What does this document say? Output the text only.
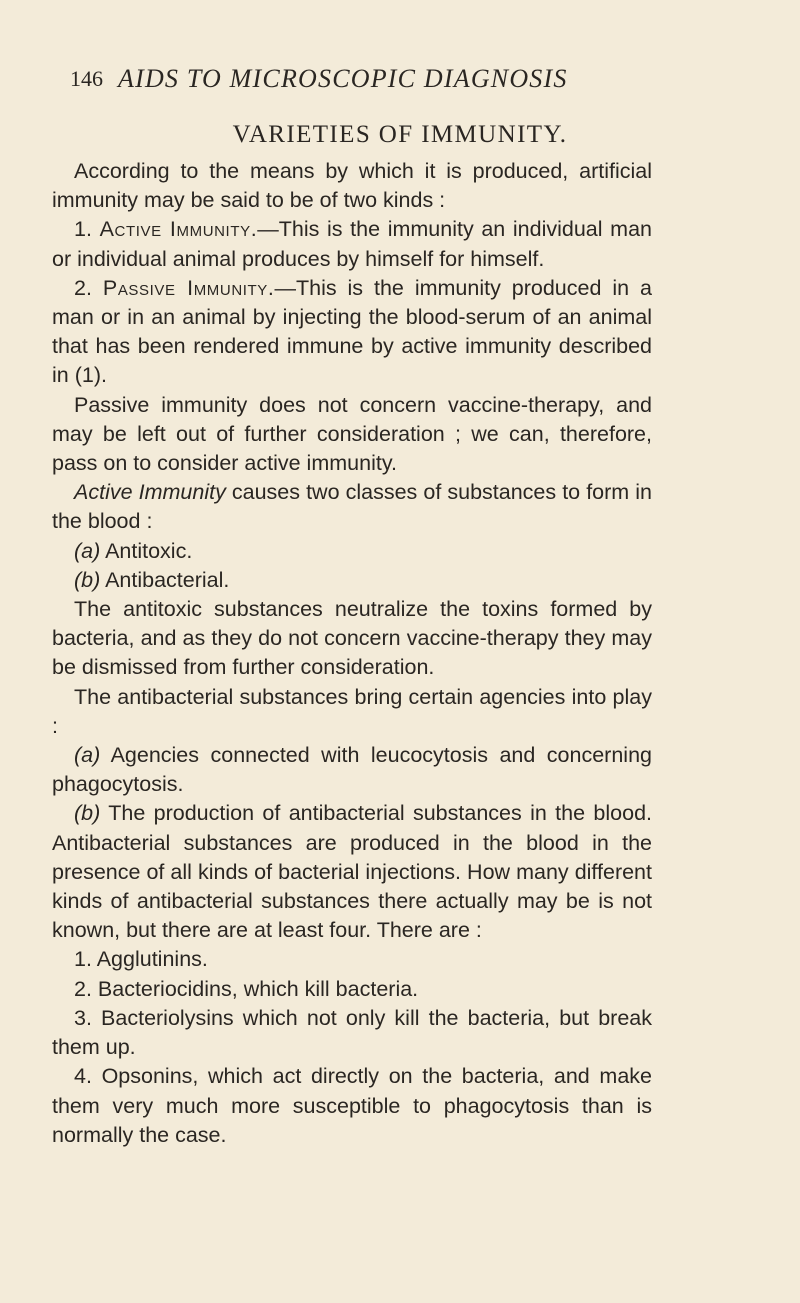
146 AIDS TO MICROSCOPIC DIAGNOSIS
VARIETIES OF IMMUNITY.

According to the means by which it is produced, artificial immunity may be said to be of two kinds :

1. Active Immunity.—This is the immunity an individual man or individual animal produces by himself for himself.

2. Passive Immunity.—This is the immunity produced in a man or in an animal by injecting the blood-serum of an animal that has been rendered immune by active immunity described in (1).

Passive immunity does not concern vaccine-therapy, and may be left out of further consideration ; we can, therefore, pass on to consider active immunity.

Active Immunity causes two classes of substances to form in the blood :

(a) Antitoxic.

(b) Antibacterial.

The antitoxic substances neutralize the toxins formed by bacteria, and as they do not concern vaccine-therapy they may be dismissed from further consideration.

The antibacterial substances bring certain agencies into play :

(a) Agencies connected with leucocytosis and concerning phagocytosis.

(b) The production of antibacterial substances in the blood. Antibacterial substances are produced in the blood in the presence of all kinds of bacterial injections. How many different kinds of antibacterial substances there actually may be is not known, but there are at least four. There are :

1. Agglutinins.

2. Bacteriocidins, which kill bacteria.

3. Bacteriolysins which not only kill the bacteria, but break them up.

4. Opsonins, which act directly on the bacteria, and make them very much more susceptible to phagocytosis than is normally the case.
